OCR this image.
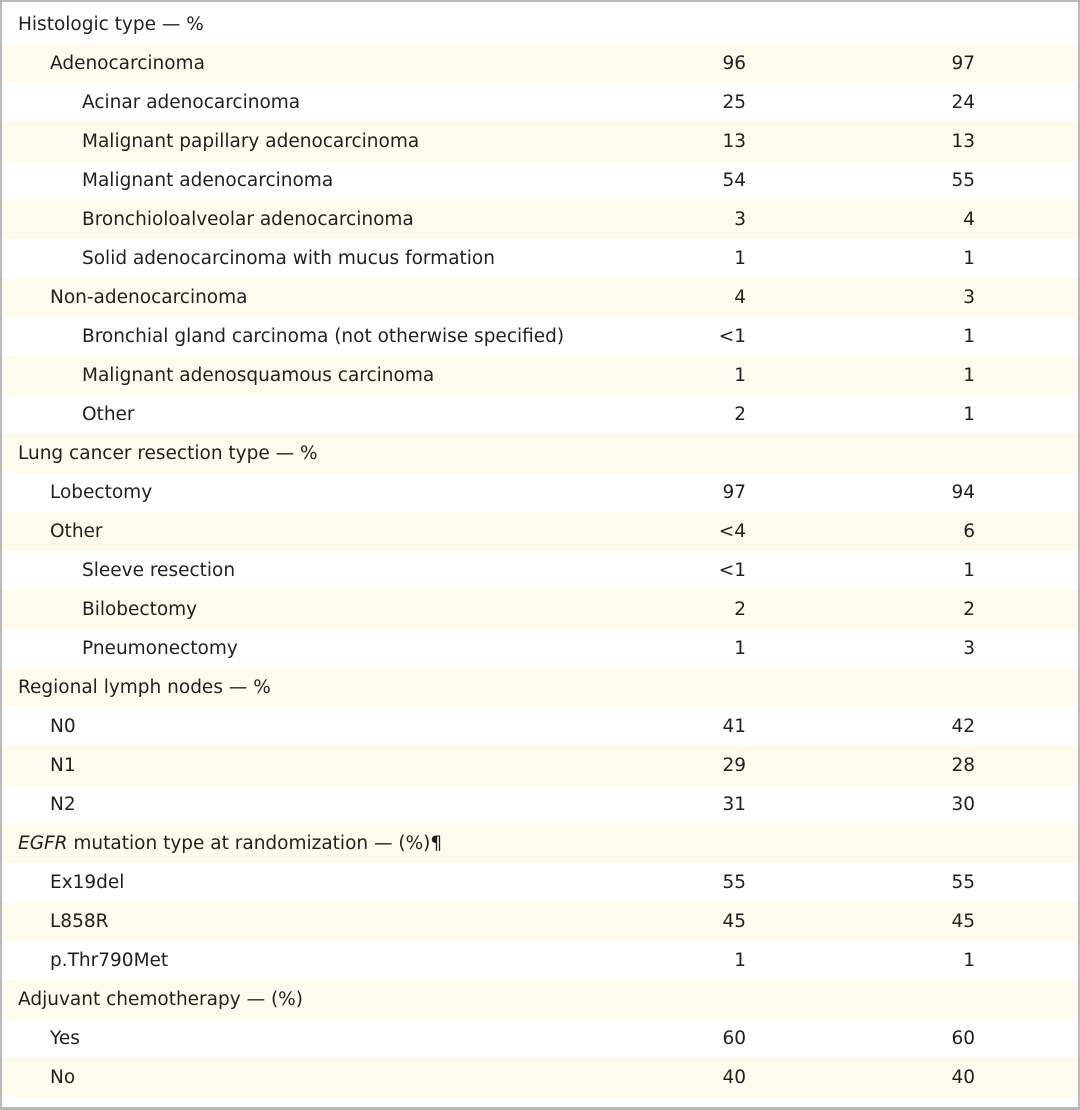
Histologic type — %
Adenocarcinoma	96	97
Acinar adenocarcinoma	25	24
Malignant papillary adenocarcinoma	13	13
Malignant adenocarcinoma	54	55
Bronchioloalveolar adenocarcinoma	3	4
Solid adenocarcinoma with mucus formation	1	1
Non-adenocarcinoma	4	3
Bronchial gland carcinoma (not otherwise specified)	<1	1
Malignant adenosquamous carcinoma	1	1
Other	2	1
Lung cancer resection type — %
Lobectomy	97	94
Other	<4	6
Sleeve resection	<1	1
Bilobectomy	2	2
Pneumonectomy	1	3
Regional lymph nodes — %
N0	41	42
N1	29	28
N2	31	30
EGFR mutation type at randomization — (%)¶
Ex19del	55	55
L858R	45	45
p.Thr790Met	1	1
Adjuvant chemotherapy — (%)
Yes	60	60
No	40	40
